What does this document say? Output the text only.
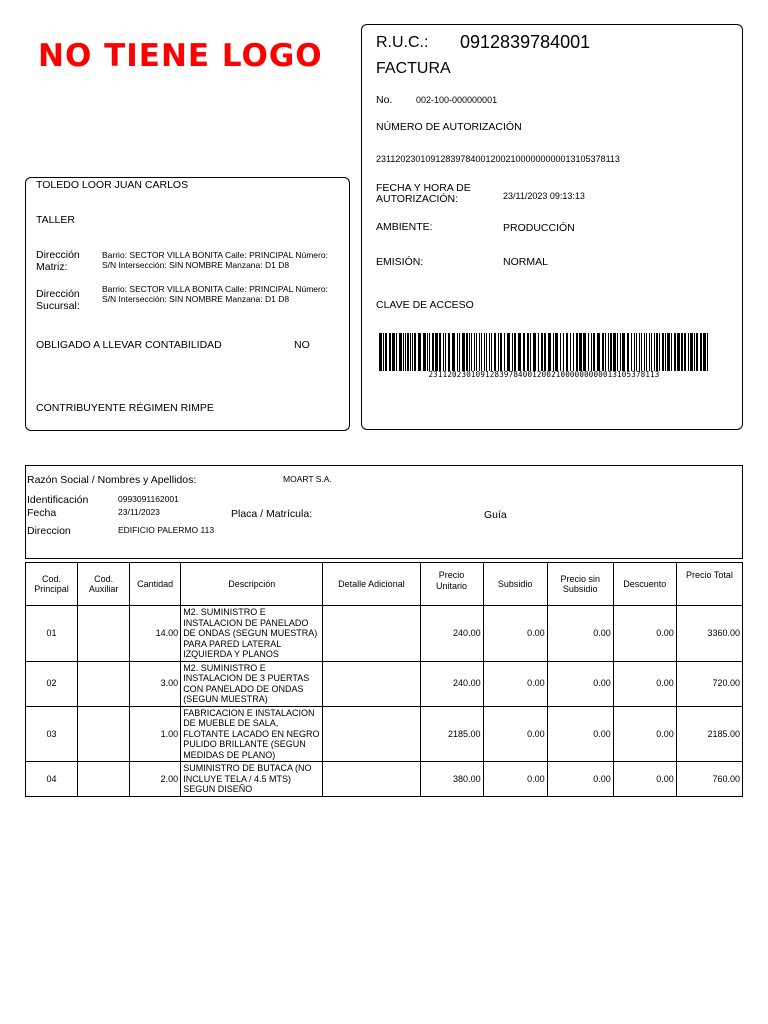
NO TIENE LOGO
TOLEDO LOOR JUAN CARLOS
TALLER
Dirección Matriz:
Barrio: SECTOR VILLA BONITA Calle: PRINCIPAL Número: S/N Intersección: SIN NOMBRE Manzana: D1 D8
Dirección Sucursal:
Barrio: SECTOR VILLA BONITA Calle: PRINCIPAL Número: S/N Intersección: SIN NOMBRE Manzana: D1 D8
OBLIGADO A LLEVAR CONTABILIDAD	NO
CONTRIBUYENTE RÉGIMEN RIMPE
R.U.C.: 0912839784001
FACTURA
No.	002-100-000000001
NÚMERO DE AUTORIZACIÓN
2311202301091283978400120021000000000013105378113
FECHA Y HORA DE AUTORIZACIÓN:	23/11/2023 09:13:13
AMBIENTE:	PRODUCCIÓN
EMISIÓN:	NORMAL
CLAVE DE ACCESO
2311202301091283978400120021000000000013105378113
Razón Social / Nombres y Apellidos:	MOART S.A.
Identificación	0993091162001
Fecha	23/11/2023	Placa / Matrícula:	Guía
Direccion	EDIFICIO PALERMO 113
Cod. Principal	Cod. Auxiliar	Cantidad	Descripción	Detalle Adicional	Precio Unitario	Subsidio	Precio sin Subsidio	Descuento	Precio Total
01		14.00	M2. SUMINISTRO E INSTALACION DE PANELADO DE ONDAS (SEGUN MUESTRA) PARA PARED LATERAL IZQUIERDA Y PLANOS		240.00	0.00	0.00	0.00	3360.00
02		3.00	M2. SUMINISTRO E INSTALACION DE 3 PUERTAS CON PANELADO DE ONDAS (SEGUN MUESTRA)		240.00	0.00	0.00	0.00	720.00
03		1.00	FABRICACION E INSTALACION DE MUEBLE DE SALA, FLOTANTE LACADO EN NEGRO PULIDO BRILLANTE (SEGUN MEDIDAS DE PLANO)		2185.00	0.00	0.00	0.00	2185.00
04		2.00	SUMINISTRO DE BUTACA (NO INCLUYE TELA / 4.5 MTS) SEGUN DISEÑO		380.00	0.00	0.00	0.00	760.00
